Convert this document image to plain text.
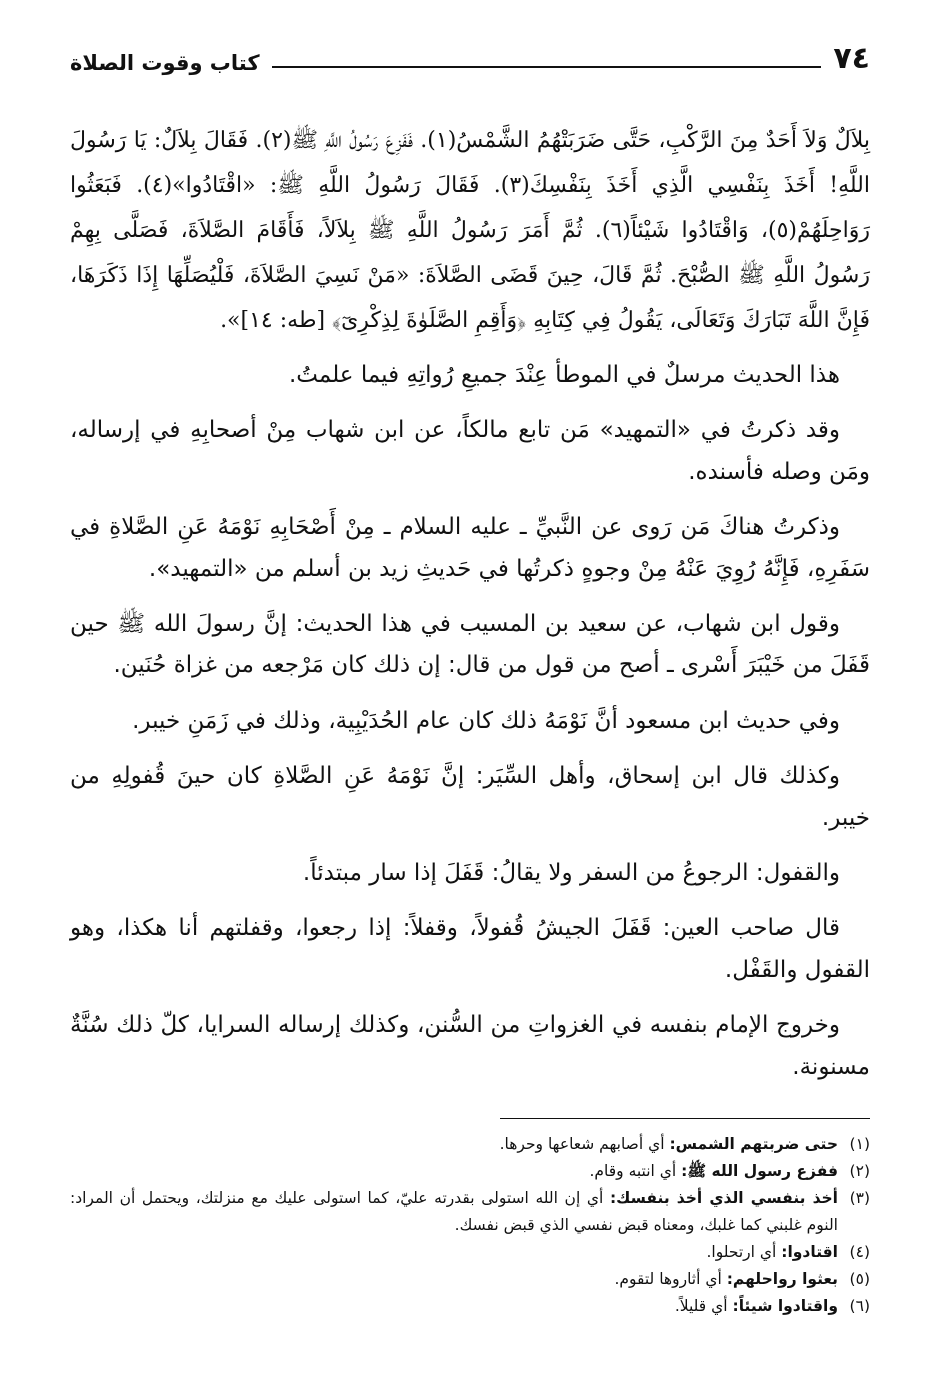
٧٤
كتاب وقوت الصلاة

بِلاَلٌ وَلاَ أَحَدٌ مِنَ الرَّكْبِ، حَتَّى ضَرَبَتْهُمُ الشَّمْسُ(١). فَفَزِعَ رَسُولُ اللَّهِ ﷺ(٢). فَقَالَ بِلاَلٌ: يَا رَسُولَ اللَّهِ! أَخَذَ بِنَفْسِي الَّذِي أَخَذَ بِنَفْسِكَ(٣). فَقَالَ رَسُولُ اللَّهِ ﷺ: «اقْتَادُوا»(٤). فَبَعَثُوا رَوَاحِلَهُمْ(٥)، وَاقْتَادُوا شَيْئاً(٦). ثُمَّ أَمَرَ رَسُولُ اللَّهِ ﷺ بِلاَلاً، فَأَقَامَ الصَّلاَةَ، فَصَلَّى بِهِمْ رَسُولُ اللَّهِ ﷺ الصُّبْحَ. ثُمَّ قَالَ، حِينَ قَضَى الصَّلاَةَ: «مَنْ نَسِيَ الصَّلاَةَ، فَلْيُصَلِّهَا إِذَا ذَكَرَهَا، فَإِنَّ اللَّهَ تَبَارَكَ وَتَعَالَى، يَقُولُ فِي كِتَابِهِ ﴿وَأَقِمِ الصَّلَوٰةَ لِذِكْرِىٓ﴾ [طه: ١٤]».

هذا الحديث مرسلٌ في الموطأ عِنْدَ جميعِ رُواتِهِ فيما علمتُ.

وقد ذكرتُ في «التمهيد» مَن تابع مالكاً، عن ابن شهاب مِنْ أصحابِهِ في إرساله، ومَن وصله فأسنده.

وذكرتُ هناكَ مَن رَوى عن النَّبيِّ ـ عليه السلام ـ مِنْ أَصْحَابِهِ نَوْمَهُ عَنِ الصَّلاةِ في سَفَرِهِ، فَإِنَّهُ رُوِيَ عَنْهُ مِنْ وجوهٍ ذكرتُها في حَديثِ زيد بن أسلم من «التمهيد».

وقول ابن شهاب، عن سعيد بن المسيب في هذا الحديث: إنَّ رسولَ الله ﷺ حين قَفَلَ من خَيْبَرَ أَسْرى ـ أصح من قول من قال: إن ذلك كان مَرْجعه من غزاة حُنَين.

وفي حديث ابن مسعود أنَّ نَوْمَهُ ذلك كان عام الحُدَيْبِية، وذلك في زَمَنِ خيبر.

وكذلك قال ابن إسحاق، وأهل السِّيَر: إنَّ نَوْمَهُ عَنِ الصَّلاةِ كان حينَ قُفولِهِ من خيبر.

والقفول: الرجوعُ من السفر ولا يقالُ: قَفَلَ إذا سار مبتدئاً.

قال صاحب العين: قَفَلَ الجيشُ قُفولاً، وقفلاً: إذا رجعوا، وقفلتهم أنا هكذا، وهو القفول والقَفْل.

وخروج الإمام بنفسه في الغزواتِ من السُّنن، وكذلك إرساله السرايا، كلّ ذلك سُنَّةٌ مسنونة.

(١)حتى ضربتهم الشمس: أي أصابهم شعاعها وحرها.
(٢)ففزع رسول الله ﷺ: أي انتبه وقام.
(٣)أخذ بنفسي الذي أخذ بنفسك: أي إن الله استولى بقدرته عليّ، كما استولى عليك مع منزلتك، ويحتمل أن المراد: النوم غلبني كما غلبك، ومعناه قبض نفسي الذي قبض نفسك.
(٤)اقتادوا: أي ارتحلوا.
(٥)بعثوا رواحلهم: أي أثاروها لتقوم.
(٦)واقتادوا شيئاً: أي قليلاً.
